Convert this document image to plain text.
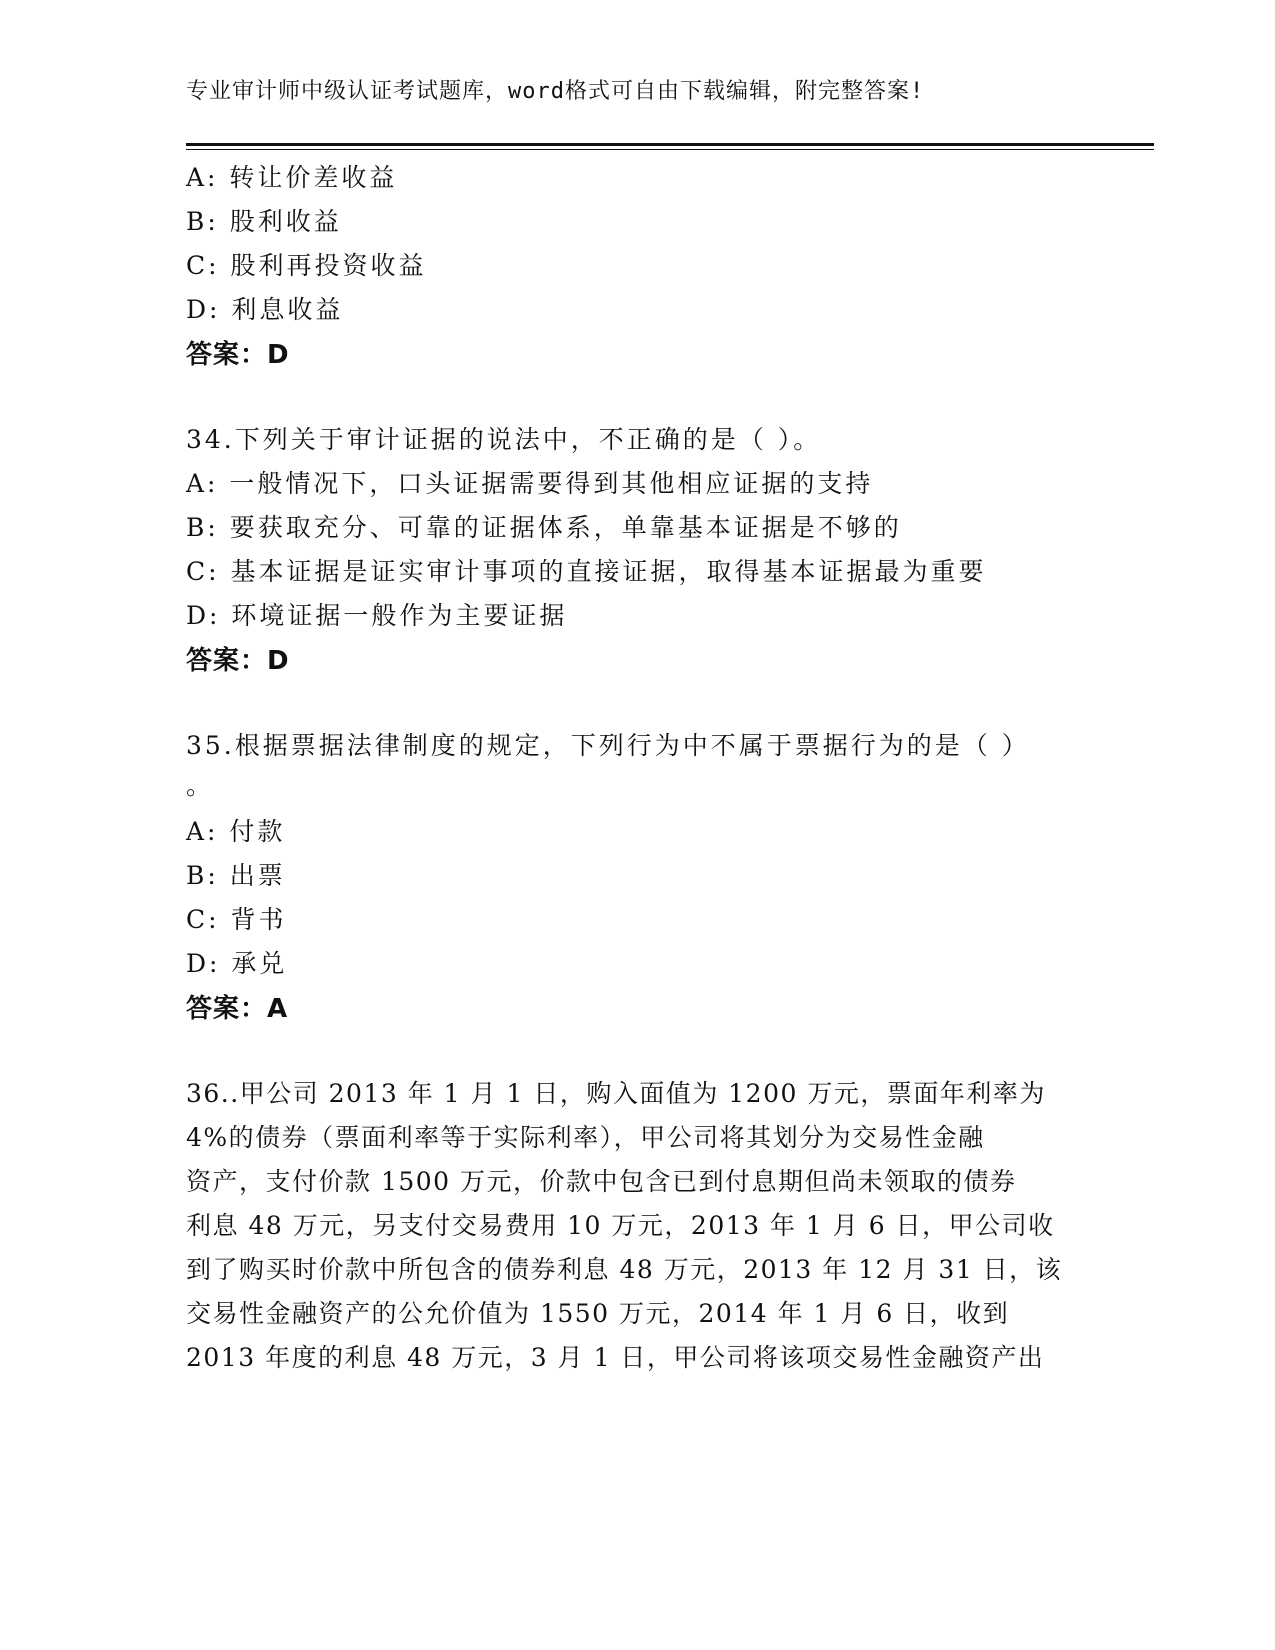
专业审计师中级认证考试题库，word格式可自由下载编辑，附完整答案!
A: 转让价差收益
B: 股利收益
C: 股利再投资收益
D: 利息收益
答案：D
34.下列关于审计证据的说法中，不正确的是（ ）。
A: 一般情况下，口头证据需要得到其他相应证据的支持
B: 要获取充分、可靠的证据体系，单靠基本证据是不够的
C: 基本证据是证实审计事项的直接证据，取得基本证据最为重要
D: 环境证据一般作为主要证据
答案：D
35.根据票据法律制度的规定，下列行为中不属于票据行为的是（ ）
。
A: 付款
B: 出票
C: 背书
D: 承兑
答案：A
36..甲公司 2013 年 1 月 1 日，购入面值为 1200 万元，票面年利率为
4%的债券（票面利率等于实际利率），甲公司将其划分为交易性金融
资产，支付价款 1500 万元，价款中包含已到付息期但尚未领取的债券
利息 48 万元，另支付交易费用 10 万元，2013 年 1 月 6 日，甲公司收
到了购买时价款中所包含的债券利息 48 万元，2013 年 12 月 31 日，该
交易性金融资产的公允价值为 1550 万元，2014 年 1 月 6 日，收到
2013 年度的利息 48 万元，3 月 1 日，甲公司将该项交易性金融资产出
